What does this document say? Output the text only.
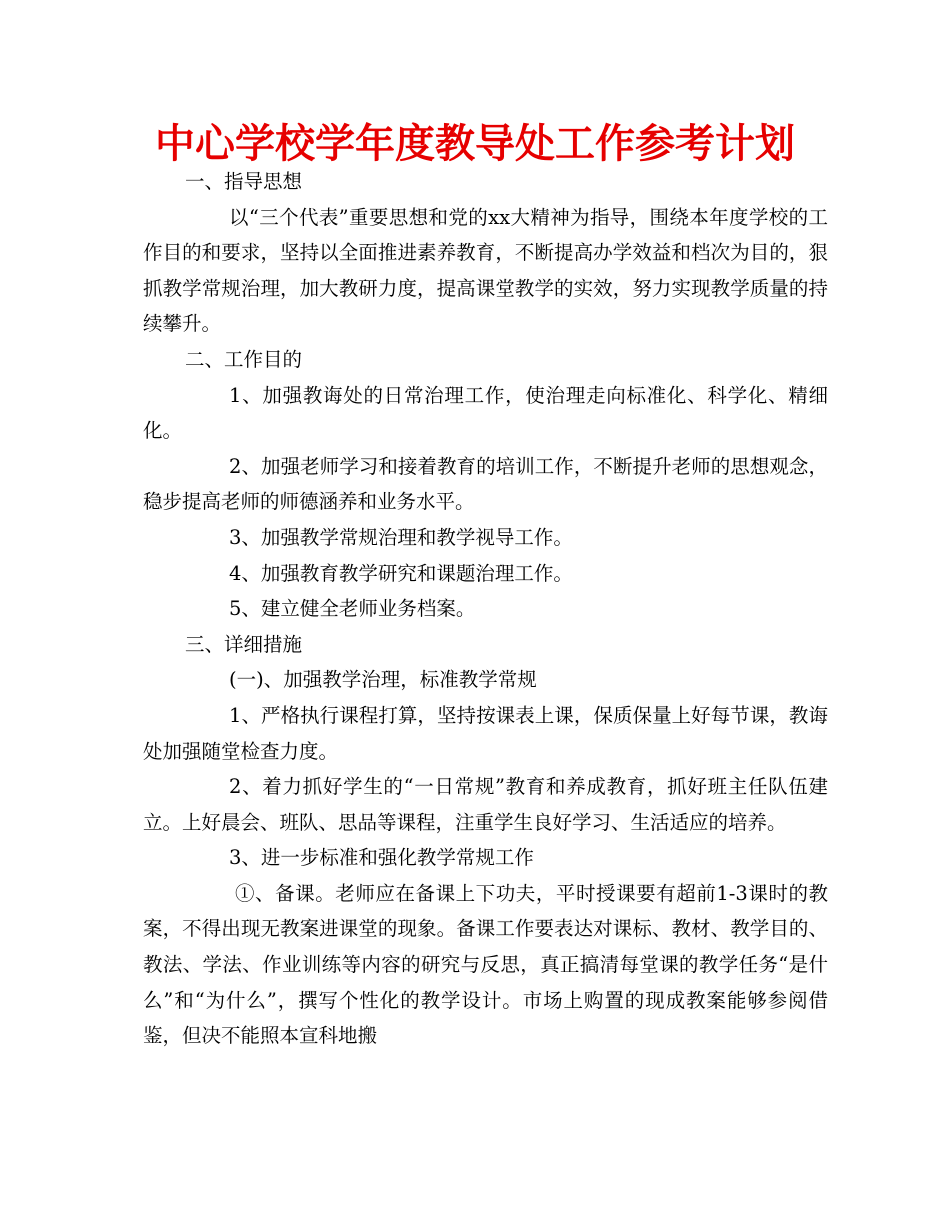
中心学校学年度教导处工作参考计划

一、指导思想

以“三个代表”重要思想和党的xx大精神为指导，围绕本年度学校的工作目的和要求，坚持以全面推进素养教育，不断提高办学效益和档次为目的，狠抓教学常规治理，加大教研力度，提高课堂教学的实效，努力实现教学质量的持续攀升。

二、工作目的

1、加强教诲处的日常治理工作，使治理走向标准化、科学化、精细化。

2、加强老师学习和接着教育的培训工作，不断提升老师的思想观念，稳步提高老师的师德涵养和业务水平。

3、加强教学常规治理和教学视导工作。

4、加强教育教学研究和课题治理工作。

5、建立健全老师业务档案。

三、详细措施

(一)、加强教学治理，标准教学常规

1、严格执行课程打算，坚持按课表上课，保质保量上好每节课，教诲处加强随堂检查力度。

2、着力抓好学生的“一日常规”教育和养成教育，抓好班主任队伍建立。上好晨会、班队、思品等课程，注重学生良好学习、生活适应的培养。

3、进一步标准和强化教学常规工作

①、备课。老师应在备课上下功夫，平时授课要有超前1-3课时的教案，不得出现无教案进课堂的现象。备课工作要表达对课标、教材、教学目的、教法、学法、作业训练等内容的研究与反思，真正搞清每堂课的教学任务“是什么”和“为什么”，撰写个性化的教学设计。市场上购置的现成教案能够参阅借鉴，但决不能照本宣科地搬
